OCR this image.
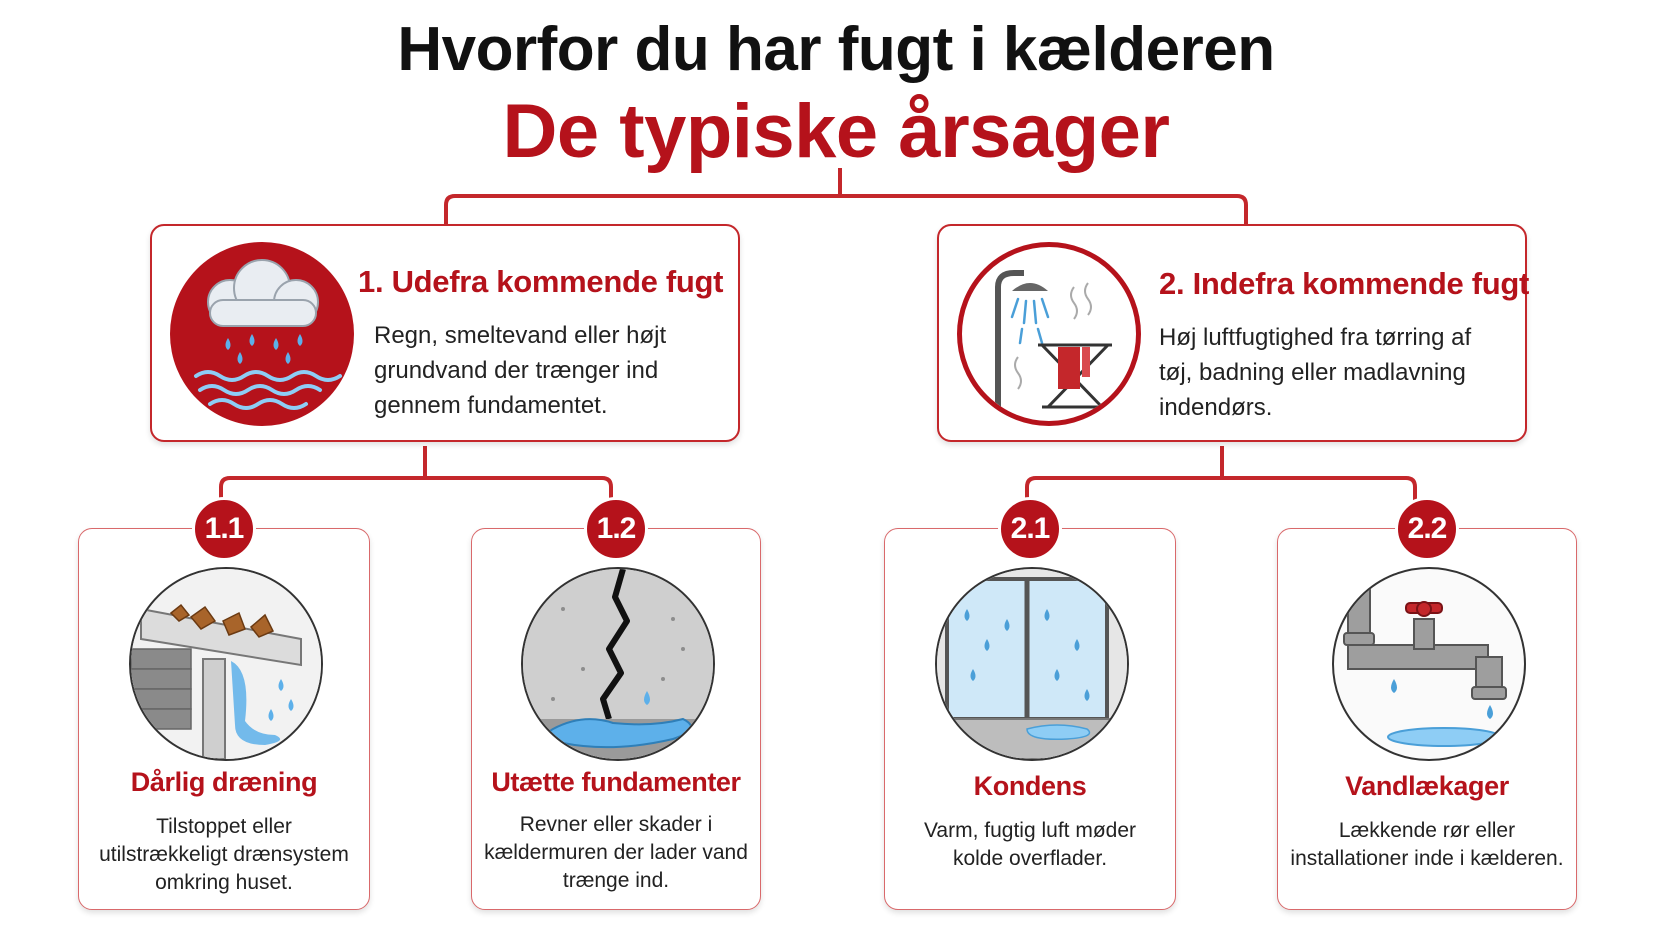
Hvorfor du har fugt i kælderen
De typiske årsager
1. Udefra kommende fugt
Regn, smeltevand eller højt grundvand der trænger ind gennem fundamentet.
2. Indefra kommende fugt
Høj luftfugtighed fra tørring af tøj, badning eller madlavning indendørs.
1.1
Dårlig dræning
Tilstoppet eller utilstrækkeligt drænsystem omkring huset.
1.2
Utætte fundamenter
Revner eller skader i kældermuren der lader vand trænge ind.
2.1
Kondens
Varm, fugtig luft møder kolde overflader.
2.2
Vandlækager
Lækkende rør eller installationer inde i kælderen.
